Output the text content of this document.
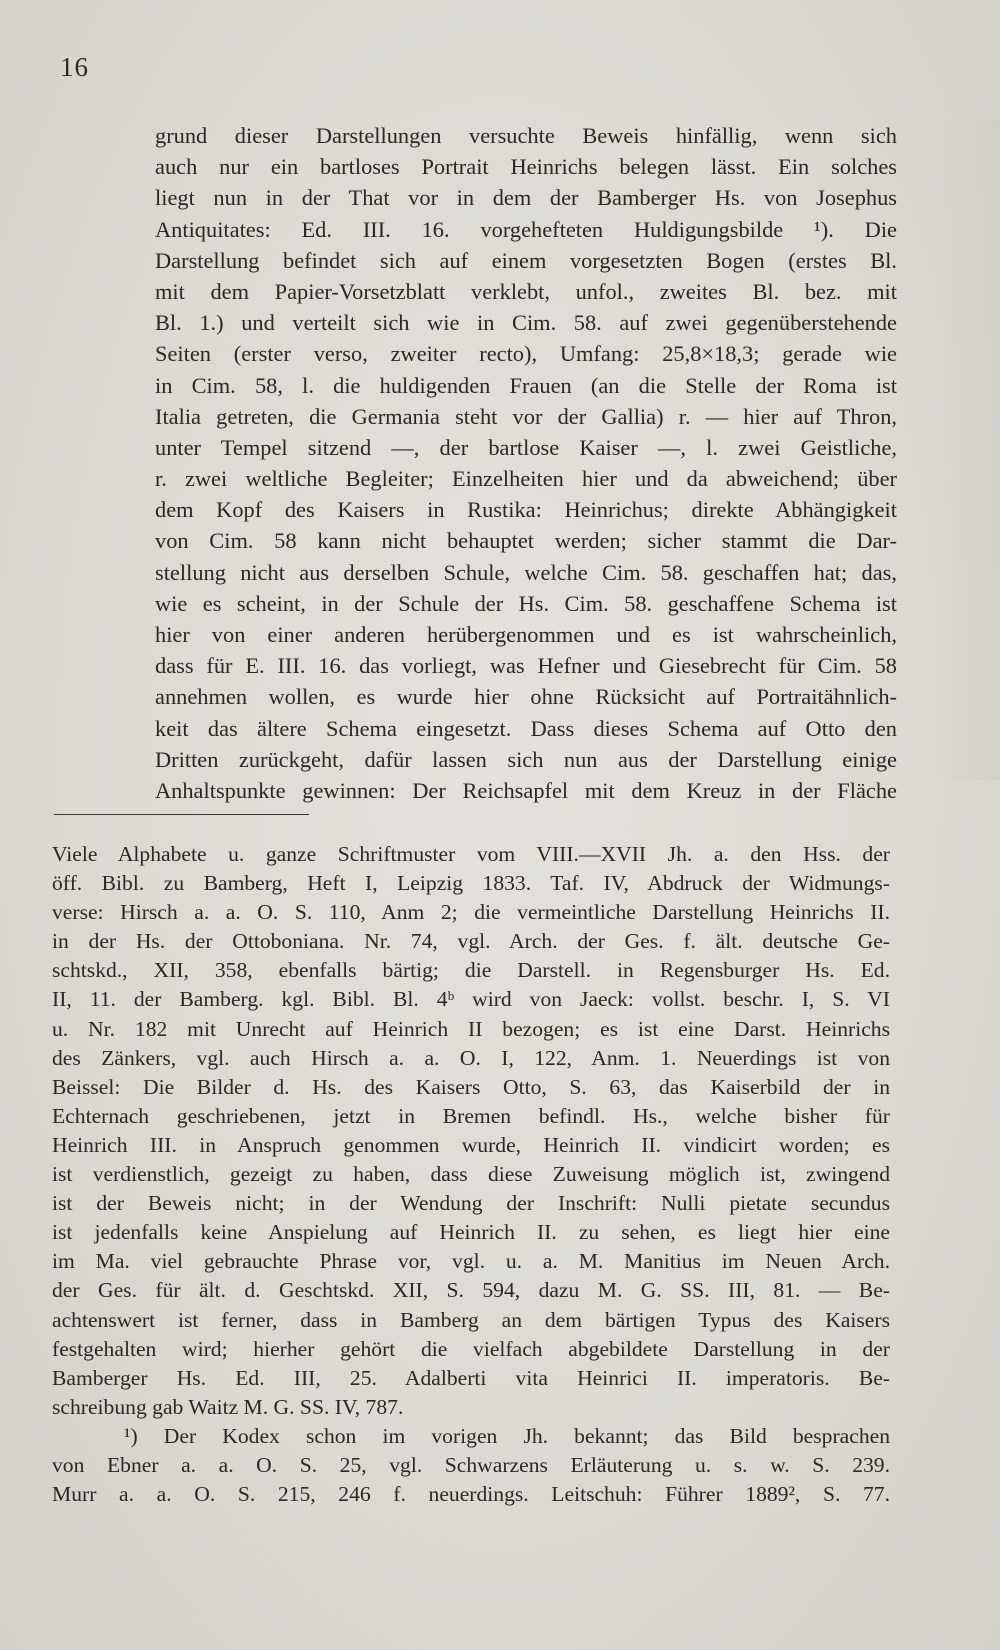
16
grund dieser Darstellungen versuchte Beweis hinfällig, wenn sich
auch nur ein bartloses Portrait Heinrichs belegen lässt. Ein solches
liegt nun in der That vor in dem der Bamberger Hs. von Josephus
Antiquitates: Ed. III. 16. vorgehefteten Huldigungsbilde ¹). Die
Darstellung befindet sich auf einem vorgesetzten Bogen (erstes Bl.
mit dem Papier-Vorsetzblatt verklebt, unfol., zweites Bl. bez. mit
Bl. 1.) und verteilt sich wie in Cim. 58. auf zwei gegenüberstehende
Seiten (erster verso, zweiter recto), Umfang: 25,8×18,3; gerade wie
in Cim. 58, l. die huldigenden Frauen (an die Stelle der Roma ist
Italia getreten, die Germania steht vor der Gallia) r. — hier auf Thron,
unter Tempel sitzend —, der bartlose Kaiser —, l. zwei Geistliche,
r. zwei weltliche Begleiter; Einzelheiten hier und da abweichend; über
dem Kopf des Kaisers in Rustika: Heinrichus; direkte Abhängigkeit
von Cim. 58 kann nicht behauptet werden; sicher stammt die Dar-
stellung nicht aus derselben Schule, welche Cim. 58. geschaffen hat; das,
wie es scheint, in der Schule der Hs. Cim. 58. geschaffene Schema ist
hier von einer anderen herübergenommen und es ist wahrscheinlich,
dass für E. III. 16. das vorliegt, was Hefner und Giesebrecht für Cim. 58
annehmen wollen, es wurde hier ohne Rücksicht auf Portraitähnlich-
keit das ältere Schema eingesetzt. Dass dieses Schema auf Otto den
Dritten zurückgeht, dafür lassen sich nun aus der Darstellung einige
Anhaltspunkte gewinnen: Der Reichsapfel mit dem Kreuz in der Fläche
Viele Alphabete u. ganze Schriftmuster vom VIII.—XVII Jh. a. den Hss. der
öff. Bibl. zu Bamberg, Heft I, Leipzig 1833. Taf. IV, Abdruck der Widmungs-
verse: Hirsch a. a. O. S. 110, Anm 2; die vermeintliche Darstellung Heinrichs II.
in der Hs. der Ottoboniana. Nr. 74, vgl. Arch. der Ges. f. ält. deutsche Ge-
schtskd., XII, 358, ebenfalls bärtig; die Darstell. in Regensburger Hs. Ed.
II, 11. der Bamberg. kgl. Bibl. Bl. 4ᵇ wird von Jaeck: vollst. beschr. I, S. VI
u. Nr. 182 mit Unrecht auf Heinrich II bezogen; es ist eine Darst. Heinrichs
des Zänkers, vgl. auch Hirsch a. a. O. I, 122, Anm. 1. Neuerdings ist von
Beissel: Die Bilder d. Hs. des Kaisers Otto, S. 63, das Kaiserbild der in
Echternach geschriebenen, jetzt in Bremen befindl. Hs., welche bisher für
Heinrich III. in Anspruch genommen wurde, Heinrich II. vindicirt worden; es
ist verdienstlich, gezeigt zu haben, dass diese Zuweisung möglich ist, zwingend
ist der Beweis nicht; in der Wendung der Inschrift: Nulli pietate secundus
ist jedenfalls keine Anspielung auf Heinrich II. zu sehen, es liegt hier eine
im Ma. viel gebrauchte Phrase vor, vgl. u. a. M. Manitius im Neuen Arch.
der Ges. für ält. d. Geschtskd. XII, S. 594, dazu M. G. SS. III, 81. — Be-
achtenswert ist ferner, dass in Bamberg an dem bärtigen Typus des Kaisers
festgehalten wird; hierher gehört die vielfach abgebildete Darstellung in der
Bamberger Hs. Ed. III, 25. Adalberti vita Heinrici II. imperatoris. Be-
schreibung gab Waitz M. G. SS. IV, 787.
¹) Der Kodex schon im vorigen Jh. bekannt; das Bild besprachen
von Ebner a. a. O. S. 25, vgl. Schwarzens Erläuterung u. s. w. S. 239.
Murr a. a. O. S. 215, 246 f. neuerdings. Leitschuh: Führer 1889², S. 77.
